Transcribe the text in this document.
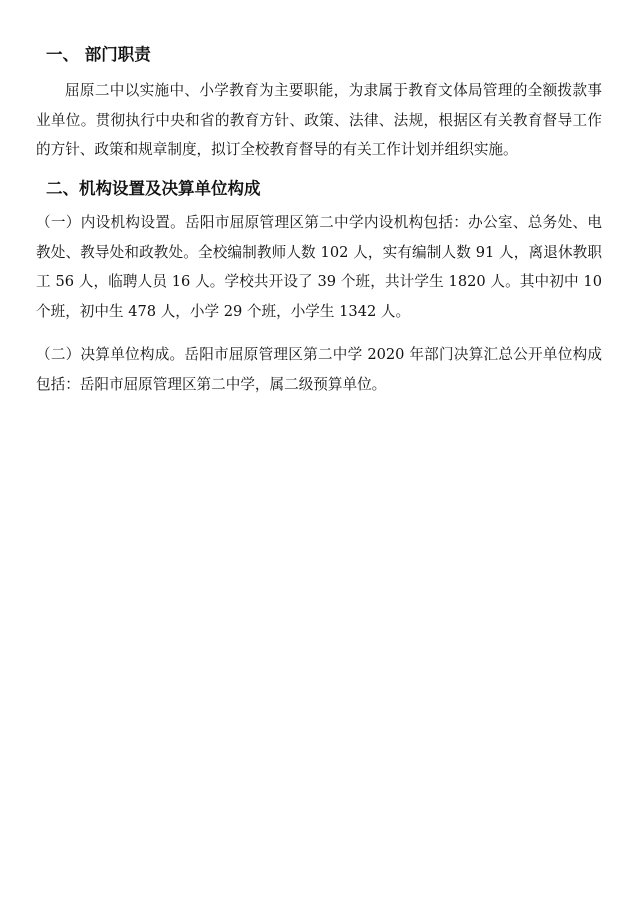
一、 部门职责

屈原二中以实施中、小学教育为主要职能，为隶属于教育文体局管理的全额拨款事业单位。贯彻执行中央和省的教育方针、政策、法律、法规，根据区有关教育督导工作的方针、政策和规章制度，拟订全校教育督导的有关工作计划并组织实施。

二、机构设置及决算单位构成

（一）内设机构设置。岳阳市屈原管理区第二中学内设机构包括：办公室、总务处、电教处、教导处和政教处。全校编制教师人数 102 人，实有编制人数 91 人，离退休教职工 56 人，临聘人员 16 人。学校共开设了 39 个班，共计学生 1820 人。其中初中 10 个班，初中生 478 人，小学 29 个班，小学生 1342 人。

（二）决算单位构成。岳阳市屈原管理区第二中学 2020 年部门决算汇总公开单位构成包括：岳阳市屈原管理区第二中学，属二级预算单位。
